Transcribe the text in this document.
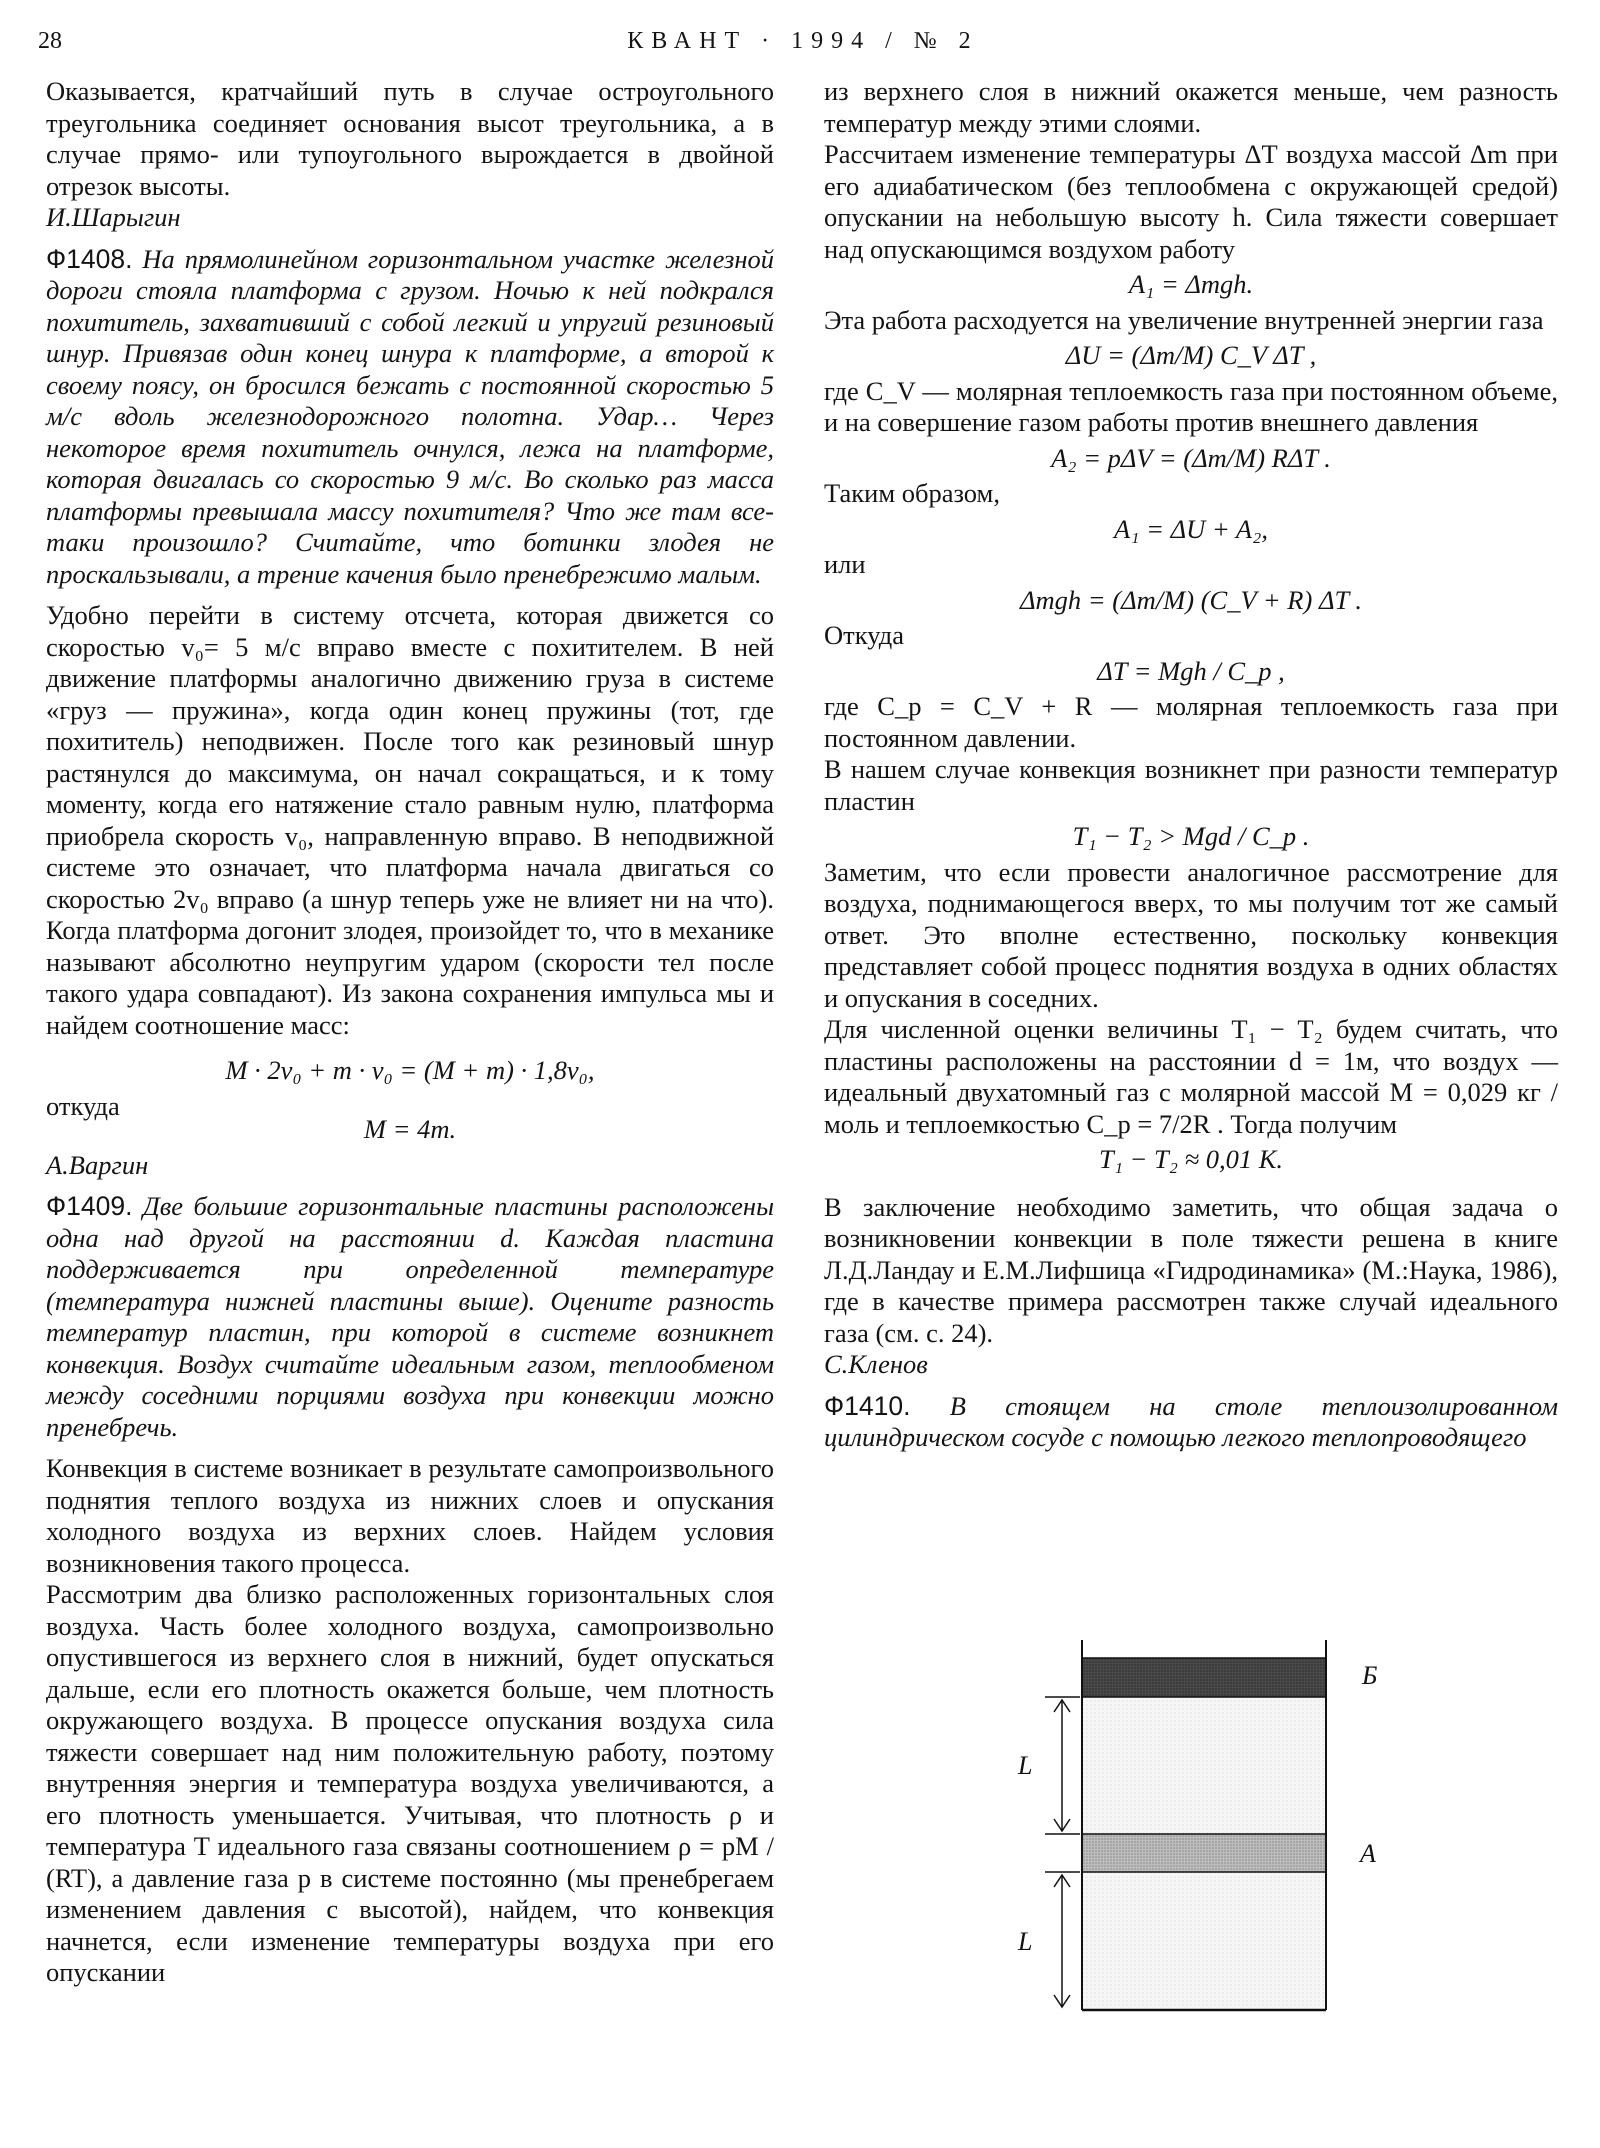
28	КВАНТ · 1994 / № 2

Оказывается, кратчайший путь в случае остроугольного треугольника соединяет основания высот треугольника, а в случае прямо- или тупоугольного вырождается в двойной отрезок высоты.

И.Шарыгин

Ф1408. На прямолинейном горизонтальном участке железной дороги стояла платформа с грузом. Ночью к ней подкрался похититель, захвативший с собой легкий и упругий резиновый шнур. Привязав один конец шнура к платформе, а второй к своему поясу, он бросился бежать с постоянной скоростью 5 м/с вдоль железнодорожного полотна. Удар… Через некоторое время похититель очнулся, лежа на платформе, которая двигалась со скоростью 9 м/с. Во сколько раз масса платформы превышала массу похитителя? Что же там все-таки произошло? Считайте, что ботинки злодея не проскальзывали, а трение качения было пренебрежимо малым.

Удобно перейти в систему отсчета, которая движется со скоростью v₀= 5 м/с вправо вместе с похитителем. В ней движение платформы аналогично движению груза в системе «груз — пружина», когда один конец пружины (тот, где похититель) неподвижен. После того как резиновый шнур растянулся до максимума, он начал сокращаться, и к тому моменту, когда его натяжение стало равным нулю, платформа приобрела скорость v₀, направленную вправо. В неподвижной системе это означает, что платформа начала двигаться со скоростью 2v₀ вправо (а шнур теперь уже не влияет ни на что). Когда платформа догонит злодея, произойдет то, что в механике называют абсолютно неупругим ударом (скорости тел после такого удара совпадают). Из закона сохранения импульса мы и найдем соотношение масс:

M · 2v₀ + m · v₀ = (M + m) · 1,8v₀,

откуда

M = 4m.

А.Варгин

Ф1409. Две большие горизонтальные пластины расположены одна над другой на расстоянии d. Каждая пластина поддерживается при определенной температуре (температура нижней пластины выше). Оцените разность температур пластин, при которой в системе возникнет конвекция. Воздух считайте идеальным газом, теплообменом между соседними порциями воздуха при конвекции можно пренебречь.

Конвекция в системе возникает в результате самопроизвольного поднятия теплого воздуха из нижних слоев и опускания холодного воздуха из верхних слоев. Найдем условия возникновения такого процесса.

Рассмотрим два близко расположенных горизонтальных слоя воздуха. Часть более холодного воздуха, самопроизвольно опустившегося из верхнего слоя в нижний, будет опускаться дальше, если его плотность окажется больше, чем плотность окружающего воздуха. В процессе опускания воздуха сила тяжести совершает над ним положительную работу, поэтому внутренняя энергия и температура воздуха увеличиваются, а его плотность уменьшается. Учитывая, что плотность ρ и температура T идеального газа связаны соотношением ρ = pM / (RT), а давление газа p в системе постоянно (мы пренебрегаем изменением давления с высотой), найдем, что конвекция начнется, если изменение температуры воздуха при его опускании

из верхнего слоя в нижний окажется меньше, чем разность температур между этими слоями.

Рассчитаем изменение температуры ΔT воздуха массой Δm при его адиабатическом (без теплообмена с окружающей средой) опускании на небольшую высоту h. Сила тяжести совершает над опускающимся воздухом работу

A₁ = Δmgh.

Эта работа расходуется на увеличение внутренней энергии газа

ΔU = (Δm/M) C_V ΔT ,

где C_V — молярная теплоемкость газа при постоянном объеме, и на совершение газом работы против внешнего давления

A₂ = pΔV = (Δm/M) RΔT .

Таким образом,

A₁ = ΔU + A₂,

или

Δmgh = (Δm/M) (C_V + R) ΔT .

Откуда

ΔT = Mgh / C_p ,

где C_p = C_V + R — молярная теплоемкость газа при постоянном давлении.

В нашем случае конвекция возникнет при разности температур пластин

T₁ − T₂ > Mgd / C_p .

Заметим, что если провести аналогичное рассмотрение для воздуха, поднимающегося вверх, то мы получим тот же самый ответ. Это вполне естественно, поскольку конвекция представляет собой процесс поднятия воздуха в одних областях и опускания в соседних.

Для численной оценки величины T₁ − T₂ будем считать, что пластины расположены на расстоянии d = 1м, что воздух — идеальный двухатомный газ с молярной массой M = 0,029 кг / моль и теплоемкостью C_p = 7/2R . Тогда получим

T₁ − T₂ ≈ 0,01 К.

В заключение необходимо заметить, что общая задача о возникновении конвекции в поле тяжести решена в книге Л.Д.Ландау и Е.М.Лифшица «Гидродинамика» (М.:Наука, 1986), где в качестве примера рассмотрен также случай идеального газа (см. с. 24).

С.Кленов

Ф1410. В стоящем на столе теплоизолированном цилиндрическом сосуде с помощью легкого теплопроводящего

L
L
Б
А
